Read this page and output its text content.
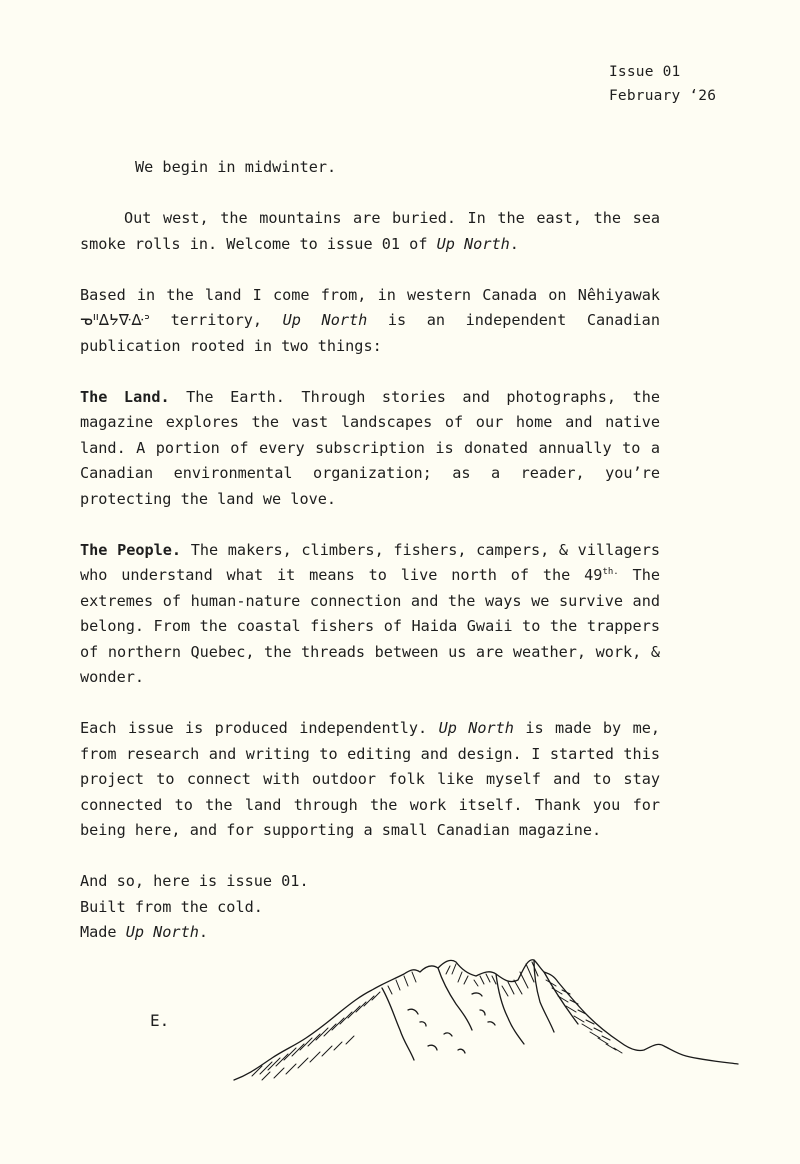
Issue 01
February ‘26

We begin in midwinter.

Out west, the mountains are buried. In the east, the sea smoke rolls in. Welcome to issue 01 of Up North.

Based in the land I come from, in western Canada on Nêhiyawak ᓀᐦᐃᔭᐍᐏᐣ territory, Up North is an independent Canadian publication rooted in two things:

The Land. The Earth. Through stories and photographs, the magazine explores the vast landscapes of our home and native land. A portion of every subscription is donated annually to a Canadian environmental organization; as a reader, you’re protecting the land we love.

The People. The makers, climbers, fishers, campers, & villagers who understand what it means to live north of the $49^{th.}$ The extremes of human-nature connection and the ways we survive and belong. From the coastal fishers of Haida Gwaii to the trappers of northern Quebec, the threads between us are weather, work, & wonder.

Each issue is produced independently. Up North is made by me, from research and writing to editing and design. I started this project to connect with outdoor folk like myself and to stay connected to the land through the work itself. Thank you for being here, and for supporting a small Canadian magazine.

And so, here is issue 01.
Built from the cold.
Made Up North.

E.
